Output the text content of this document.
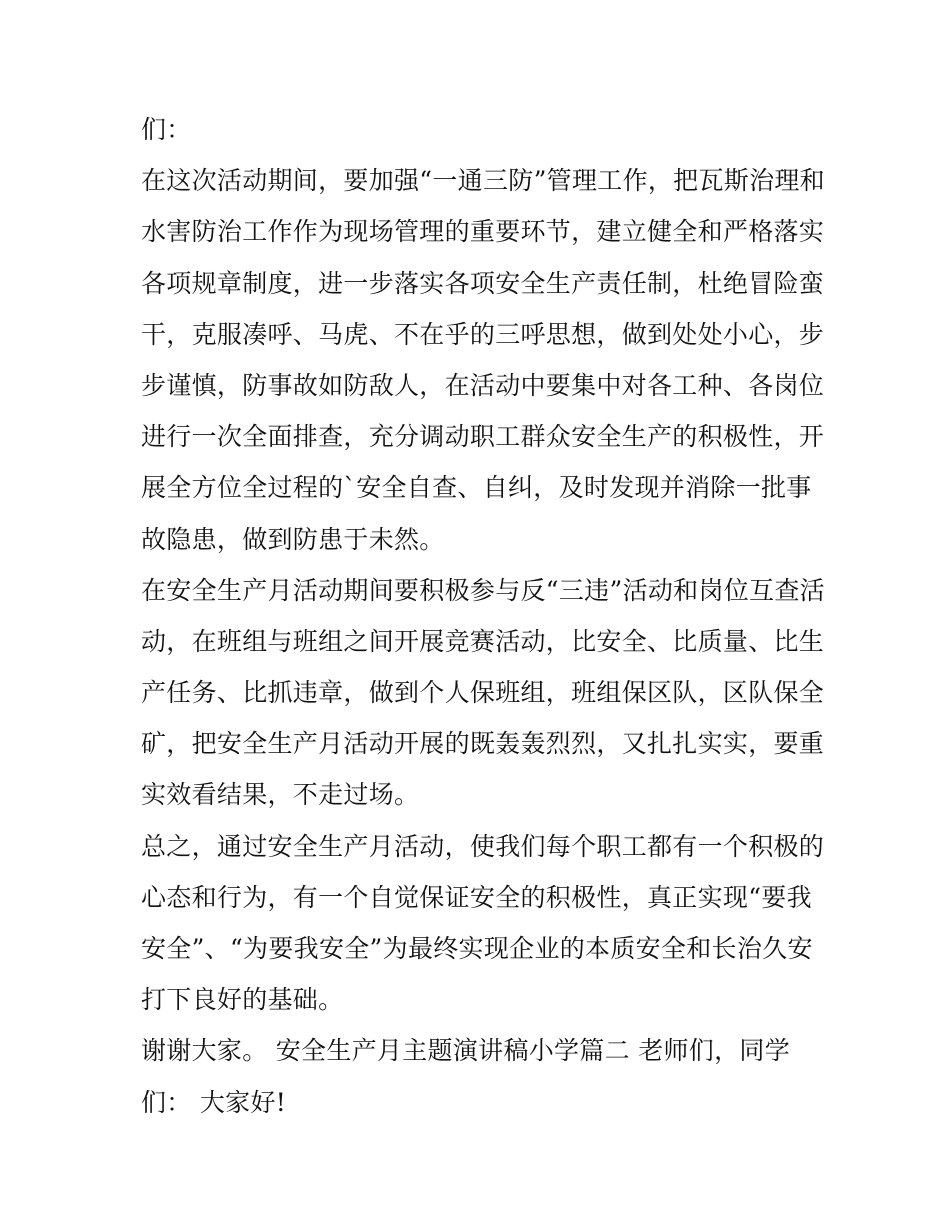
们：
在这次活动期间，要加强“一通三防”管理工作，把瓦斯治理和
水害防治工作作为现场管理的重要环节，建立健全和严格落实
各项规章制度，进一步落实各项安全生产责任制，杜绝冒险蛮
干，克服凑呼、马虎、不在乎的三呼思想，做到处处小心，步
步谨慎，防事故如防敌人，在活动中要集中对各工种、各岗位
进行一次全面排查，充分调动职工群众安全生产的积极性，开
展全方位全过程的`安全自查、自纠，及时发现并消除一批事
故隐患，做到防患于未然。
在安全生产月活动期间要积极参与反“三违”活动和岗位互查活
动，在班组与班组之间开展竞赛活动，比安全、比质量、比生
产任务、比抓违章，做到个人保班组，班组保区队，区队保全
矿，把安全生产月活动开展的既轰轰烈烈，又扎扎实实，要重
实效看结果，不走过场。
总之，通过安全生产月活动，使我们每个职工都有一个积极的
心态和行为，有一个自觉保证安全的积极性，真正实现“要我
安全”、“为要我安全”为最终实现企业的本质安全和长治久安
打下良好的基础。
谢谢大家。 安全生产月主题演讲稿小学篇二 老师们，同学
们： 大家好!
